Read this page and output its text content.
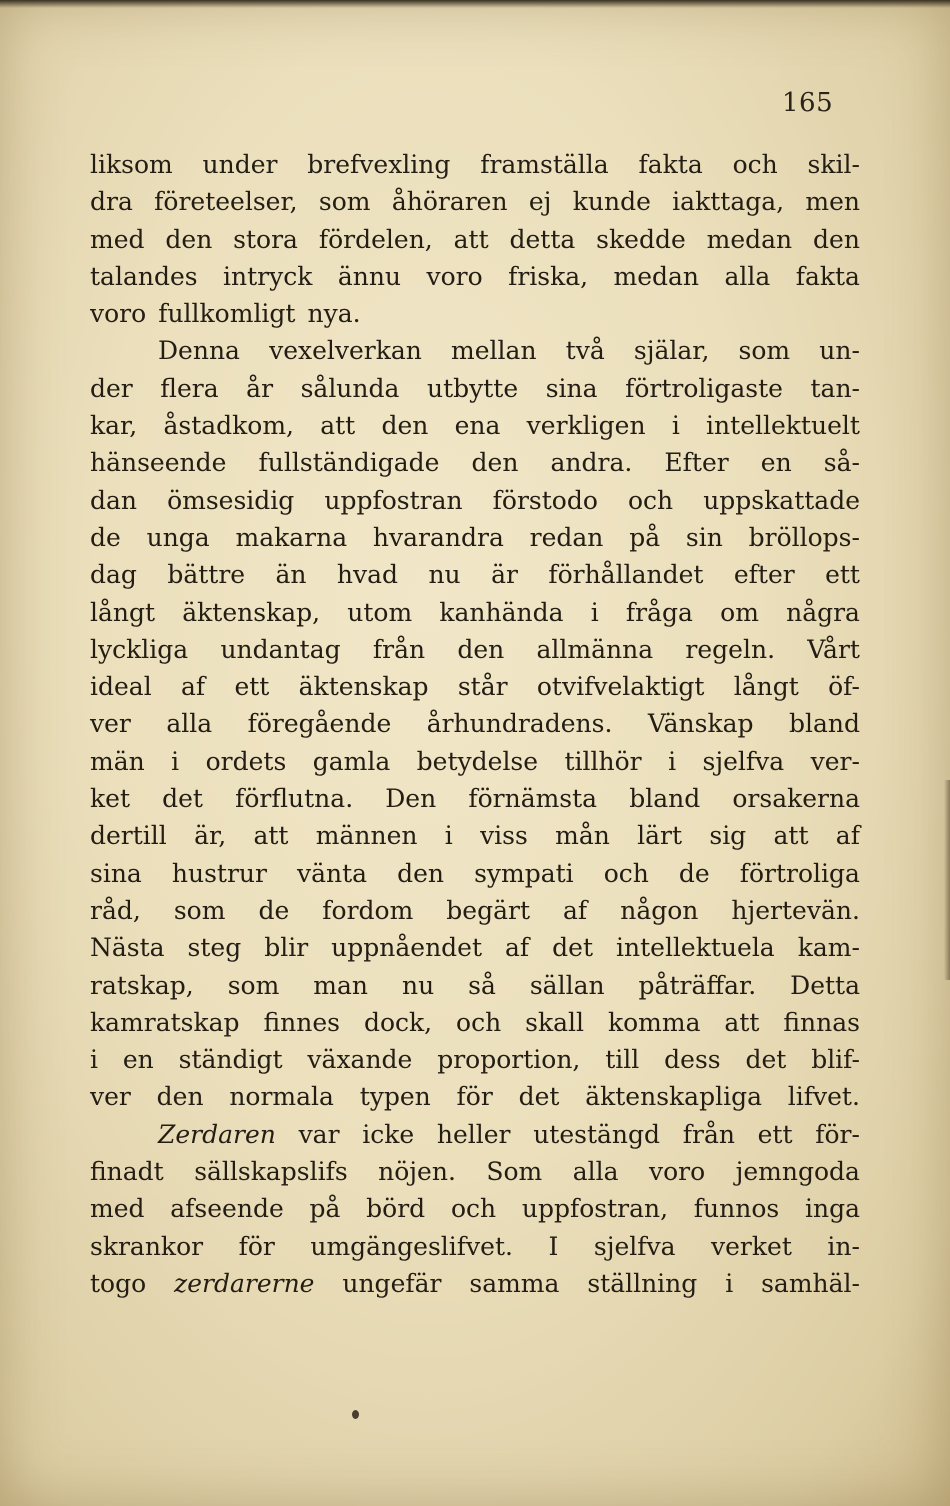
165
liksom under brefvexling framställa fakta och skil-
dra företeelser, som åhöraren ej kunde iakttaga, men
med den stora fördelen, att detta skedde medan den
talandes intryck ännu voro friska, medan alla fakta
voro fullkomligt nya.
Denna vexelverkan mellan två själar, som un-
der flera år sålunda utbytte sina förtroligaste tan-
kar, åstadkom, att den ena verkligen i intellektuelt
hänseende fullständigade den andra. Efter en så-
dan ömsesidig uppfostran förstodo och uppskattade
de unga makarna hvarandra redan på sin bröllops-
dag bättre än hvad nu är förhållandet efter ett
långt äktenskap, utom kanhända i fråga om några
lyckliga undantag från den allmänna regeln. Vårt
ideal af ett äktenskap står otvifvelaktigt långt öf-
ver alla föregående århundradens. Vänskap bland
män i ordets gamla betydelse tillhör i sjelfva ver-
ket det förflutna. Den förnämsta bland orsakerna
dertill är, att männen i viss mån lärt sig att af
sina hustrur vänta den sympati och de förtroliga
råd, som de fordom begärt af någon hjertevän.
Nästa steg blir uppnåendet af det intellektuela kam-
ratskap, som man nu så sällan påträffar. Detta
kamratskap finnes dock, och skall komma att finnas
i en ständigt växande proportion, till dess det blif-
ver den normala typen för det äktenskapliga lifvet.
Zerdaren var icke heller utestängd från ett för-
finadt sällskapslifs nöjen. Som alla voro jemngoda
med afseende på börd och uppfostran, funnos inga
skrankor för umgängeslifvet. I sjelfva verket in-
togo zerdarerne ungefär samma ställning i samhäl-
